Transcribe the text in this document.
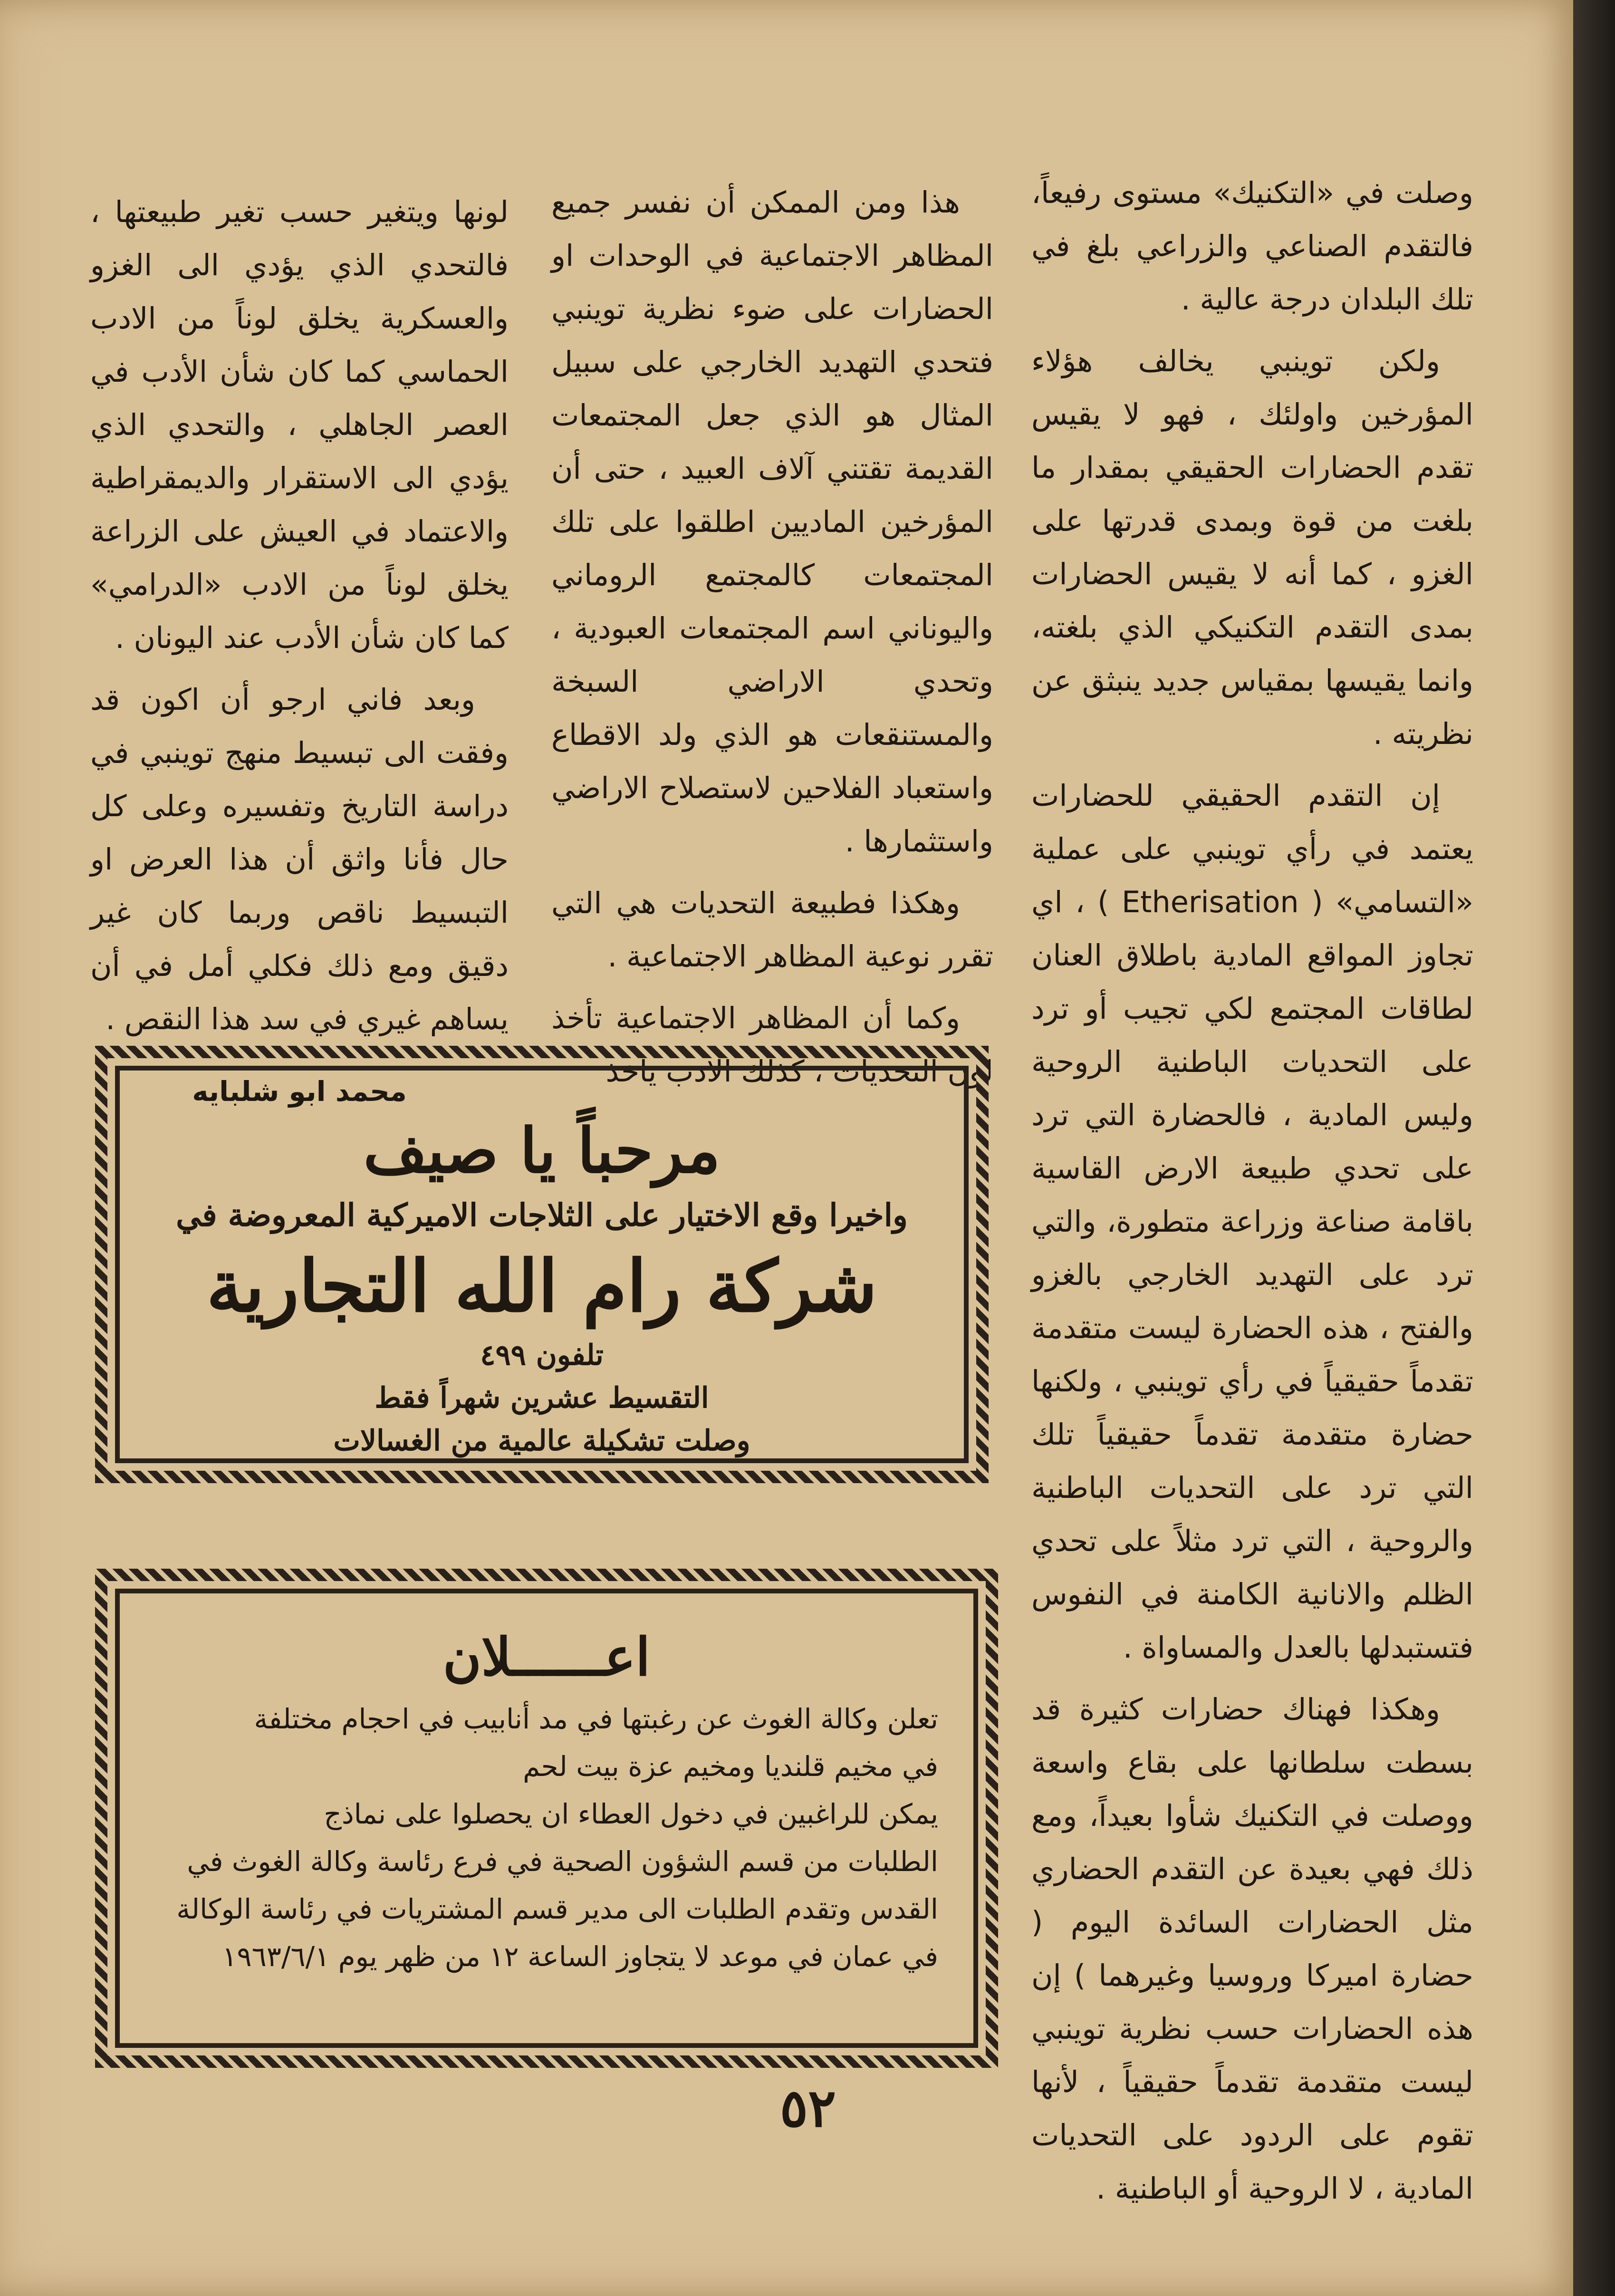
وصلت في «التكنيك» مستوى رفيعاً، فالتقدم الصناعي والزراعي بلغ في تلك البلدان درجة عالية .

ولكن توينبي يخالف هؤلاء المؤرخين واولئك ، فهو لا يقيس تقدم الحضارات الحقيقي بمقدار ما بلغت من قوة وبمدى قدرتها على الغزو ، كما أنه لا يقيس الحضارات بمدى التقدم التكنيكي الذي بلغته، وانما يقيسها بمقياس جديد ينبثق عن نظريته .

إن التقدم الحقيقي للحضارات يعتمد في رأي توينبي على عملية «التسامي» ( Etherisation ) ، اي تجاوز المواقع المادية باطلاق العنان لطاقات المجتمع لكي تجيب أو ترد على التحديات الباطنية الروحية وليس المادية ، فالحضارة التي ترد على تحدي طبيعة الارض القاسية باقامة صناعة وزراعة متطورة، والتي ترد على التهديد الخارجي بالغزو والفتح ، هذه الحضارة ليست متقدمة تقدماً حقيقياً في رأي توينبي ، ولكنها حضارة متقدمة تقدماً حقيقياً تلك التي ترد على التحديات الباطنية والروحية ، التي ترد مثلاً على تحدي الظلم والانانية الكامنة في النفوس فتستبدلها بالعدل والمساواة .

وهكذا فهناك حضارات كثيرة قد بسطت سلطانها على بقاع واسعة ووصلت في التكنيك شأوا بعيداً، ومع ذلك فهي بعيدة عن التقدم الحضاري مثل الحضارات السائدة اليوم ( حضارة اميركا وروسيا وغيرهما ) إن هذه الحضارات حسب نظرية توينبي ليست متقدمة تقدماً حقيقياً ، لأنها تقوم على الردود على التحديات المادية ، لا الروحية أو الباطنية .

هذا ومن الممكن أن نفسر جميع المظاهر الاجتماعية في الوحدات او الحضارات على ضوء نظرية توينبي فتحدي التهديد الخارجي على سبيل المثال هو الذي جعل المجتمعات القديمة تقتني آلاف العبيد ، حتى أن المؤرخين الماديين اطلقوا على تلك المجتمعات كالمجتمع الروماني واليوناني اسم المجتمعات العبودية ، وتحدي الاراضي السبخة والمستنقعات هو الذي ولد الاقطاع واستعباد الفلاحين لاستصلاح الاراضي واستثمارها .

وهكذا فطبيعة التحديات هي التي تقرر نوعية المظاهر الاجتماعية .

وكما أن المظاهر الاجتماعية تأخذ لون التحديات ، كذلك الادب يأخذ

لونها ويتغير حسب تغير طبيعتها ، فالتحدي الذي يؤدي الى الغزو والعسكرية يخلق لوناً من الادب الحماسي كما كان شأن الأدب في العصر الجاهلي ، والتحدي الذي يؤدي الى الاستقرار والديمقراطية والاعتماد في العيش على الزراعة يخلق لوناً من الادب «الدرامي» كما كان شأن الأدب عند اليونان .

وبعد فاني ارجو أن اكون قد وفقت الى تبسيط منهج توينبي في دراسة التاريخ وتفسيره وعلى كل حال فأنا واثق أن هذا العرض او التبسيط ناقص وربما كان غير دقيق ومع ذلك فكلي أمل في أن يساهم غيري في سد هذا النقص .

محمد ابو شلبايه
مرحباً يا صيف
واخيرا وقع الاختيار على الثلاجات الاميركية المعروضة في
شركة رام الله التجارية
تلفون ٤٩٩
التقسيط عشرين شهراً فقط
وصلت تشكيلة عالمية من الغسالات
اعــــــلان

تعلن وكالة الغوث عن رغبتها في مد أنابيب في احجام مختلفة

في مخيم قلنديا ومخيم عزة بيت لحم

يمكن للراغبين في دخول العطاء ان يحصلوا على نماذج

الطلبات من قسم الشؤون الصحية في فرع رئاسة وكالة الغوث في

القدس وتقدم الطلبات الى مدير قسم المشتريات في رئاسة الوكالة

في عمان في موعد لا يتجاوز الساعة ١٢ من ظهر يوم ١٩٦٣/٦/١

٥٢
